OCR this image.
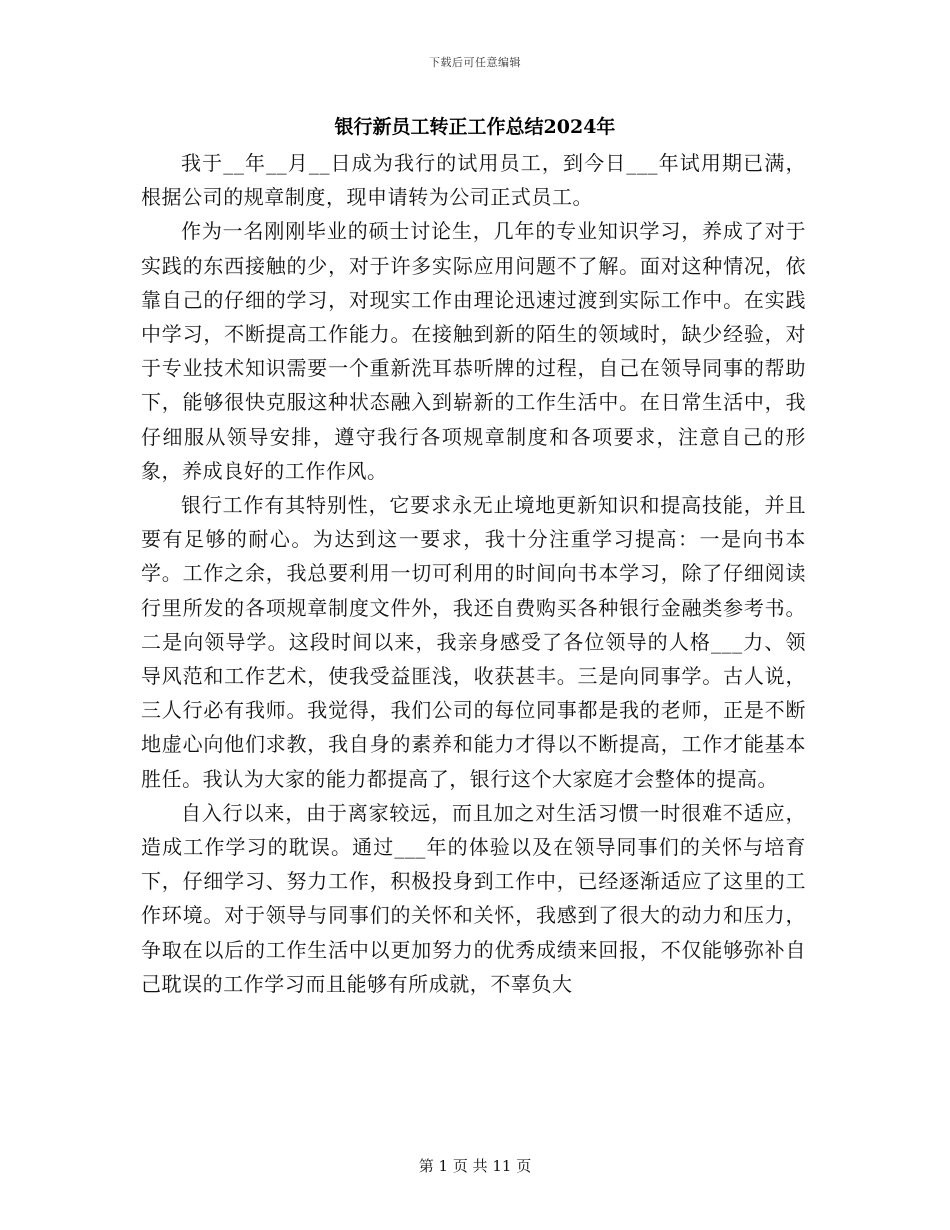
下载后可任意编辑
银行新员工转正工作总结2024年

我于__年__月__日成为我行的试用员工，到今日___年试用期已满，根据公司的规章制度，现申请转为公司正式员工。

作为一名刚刚毕业的硕士讨论生，几年的专业知识学习，养成了对于实践的东西接触的少，对于许多实际应用问题不了解。面对这种情况，依靠自己的仔细的学习，对现实工作由理论迅速过渡到实际工作中。在实践中学习，不断提高工作能力。在接触到新的陌生的领域时，缺少经验，对于专业技术知识需要一个重新洗耳恭听牌的过程，自己在领导同事的帮助下，能够很快克服这种状态融入到崭新的工作生活中。在日常生活中，我仔细服从领导安排，遵守我行各项规章制度和各项要求，注意自己的形象，养成良好的工作作风。

银行工作有其特别性，它要求永无止境地更新知识和提高技能，并且要有足够的耐心。为达到这一要求，我十分注重学习提高：一是向书本学。工作之余，我总要利用一切可利用的时间向书本学习，除了仔细阅读行里所发的各项规章制度文件外，我还自费购买各种银行金融类参考书。二是向领导学。这段时间以来，我亲身感受了各位领导的人格___力、领导风范和工作艺术，使我受益匪浅，收获甚丰。三是向同事学。古人说，三人行必有我师。我觉得，我们公司的每位同事都是我的老师，正是不断地虚心向他们求教，我自身的素养和能力才得以不断提高，工作才能基本胜任。我认为大家的能力都提高了，银行这个大家庭才会整体的提高。

自入行以来，由于离家较远，而且加之对生活习惯一时很难不适应，造成工作学习的耽误。通过___年的体验以及在领导同事们的关怀与培育下，仔细学习、努力工作，积极投身到工作中，已经逐渐适应了这里的工作环境。对于领导与同事们的关怀和关怀，我感到了很大的动力和压力，争取在以后的工作生活中以更加努力的优秀成绩来回报，不仅能够弥补自己耽误的工作学习而且能够有所成就，不辜负大

第 1 页 共 11 页
